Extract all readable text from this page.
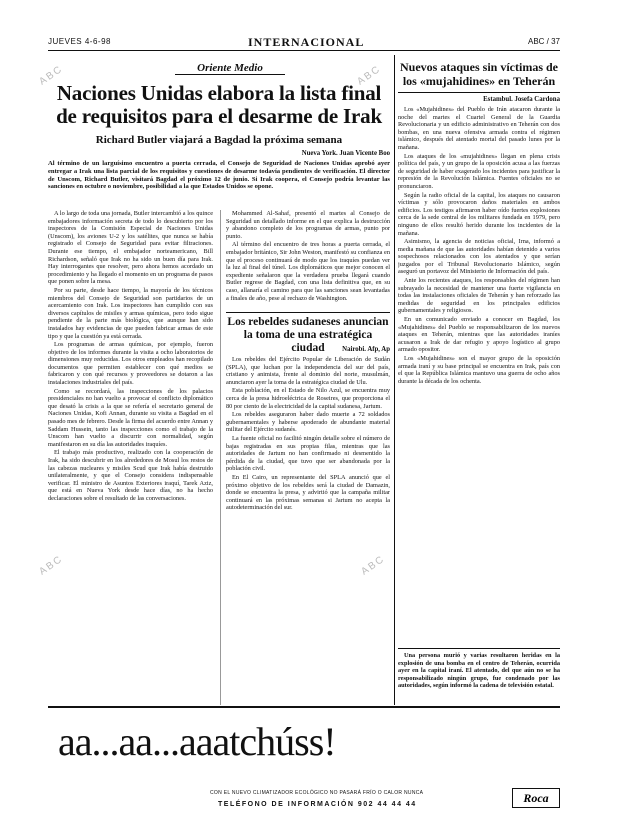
ABC	ABC
ABC	ABC
JUEVES 4-6-98	INTERNACIONAL	ABC / 37
Oriente Medio
Naciones Unidas elabora la lista final de requisitos para el desarme de Irak
Richard Butler viajará a Bagdad la próxima semana
Nueva York. Juan Vicente Boo
Al término de un larguísimo encuentro a puerta cerrada, el Consejo de Seguridad de Naciones Unidas aprobó ayer entregar a Irak una lista parcial de los requisitos y cuestiones de desarme todavía pendientes de verificación. El director de Unscom, Richard Butler, visitará Bagdad el próximo 12 de junio. Si Irak coopera, el Consejo podría levantar las sanciones en octubre o noviembre, posibilidad a la que Estados Unidos se opone.

A lo largo de toda una jornada, Butler intercambió a los quince embajadores información secreta de todo lo descubierto por los inspectores de la Comisión Especial de Naciones Unidas (Unscom), los aviones U-2 y los satélites, que nunca se había registrado el Consejo de Seguridad para evitar filtraciones. Durante ese tiempo, el embajador norteamericano, Bill Richardson, señaló que Irak no ha sido un buen día para Irak. Hay interrogantes que resolver, pero ahora hemos acordado un procedimiento y ha llegado el momento en un programa de pasos que ponen sobre la mesa.

Por su parte, desde hace tiempo, la mayoría de los técnicos miembros del Consejo de Seguridad son partidarios de un acercamiento con Irak. Los inspectores han cumplido con sus diversos capítulos de misiles y armas químicas, pero todo sigue pendiente de la parte más biológica, que aunque han sido instalados hay evidencias de que pueden fabricar armas de este tipo y que la cuestión ya está cerrada.

Los programas de armas químicas, por ejemplo, fueron objetivo de los informes durante la visita a ocho laboratorios de dimensiones muy reducidas. Los otros empleados han recopilado documentos que permiten establecer con qué medios se fabricaron y con qué recursos y proveedores se dotaron a las instalaciones industriales del país.

Como se recordará, las inspecciones de los palacios presidenciales no han vuelto a provocar el conflicto diplomático que desató la crisis a la que se refería el secretario general de Naciones Unidas, Kofi Annan, durante su visita a Bagdad en el pasado mes de febrero. Desde la firma del acuerdo entre Annan y Saddam Hussein, tanto las inspecciones como el trabajo de la Unscom han vuelto a discurrir con normalidad, según manifestaron en su día las autoridades iraquíes.

El trabajo más productivo, realizado con la cooperación de Irak, ha sido descubrir en los alrededores de Mosul los restos de las cabezas nucleares y misiles Scud que Irak había destruido unilateralmente, y que el Consejo considera indispensable verificar. El ministro de Asuntos Exteriores iraquí, Tarek Aziz, que está en Nueva York desde hace días, no ha hecho declaraciones sobre el resultado de las conversaciones.

Mohammed Al-Sahaf, presentó el martes al Consejo de Seguridad un detallado informe en el que explica la destrucción y abandono completo de los programas de armas, punto por punto.

Al término del encuentro de tres horas a puerta cerrada, el embajador británico, Sir John Weston, manifestó su confianza en que el proceso continuará de modo que los iraquíes puedan ver la luz al final del túnel. Los diplomáticos que mejor conocen el expediente señalaron que la verdadera prueba llegará cuando Butler regrese de Bagdad, con una lista definitiva que, en su caso, allanaría el camino para que las sanciones sean levantadas a finales de año, pese al rechazo de Washington.

Los rebeldes sudaneses anuncian la toma de una estratégica ciudad	Nairobi. Afp, Ap

Los rebeldes del Ejército Popular de Liberación de Sudán (SPLA), que luchan por la independencia del sur del país, cristiano y animista, frente al dominio del norte, musulmán, anunciaron ayer la toma de la estratégica ciudad de Ulu.

Esta población, en el Estado de Nilo Azul, se encuentra muy cerca de la presa hidroeléctrica de Roseires, que proporciona el 80 por ciento de la electricidad de la capital sudanesa, Jartum.

Los rebeldes aseguraron haber dado muerte a 72 soldados gubernamentales y haberse apoderado de abundante material militar del Ejército sudanés.

La fuente oficial no facilitó ningún detalle sobre el número de bajas registradas en sus propias filas, mientras que las autoridades de Jartum no han confirmado ni desmentido la pérdida de la ciudad, que tuvo que ser abandonada por la población civil.

En El Cairo, un representante del SPLA anunció que el próximo objetivo de los rebeldes será la ciudad de Damazin, donde se encuentra la presa, y advirtió que la campaña militar continuará en las próximas semanas si Jartum no acepta la autodeterminación del sur.

Nuevos ataques sin víctimas de los «mujahidines» en Teherán
Estambul. Josefa Cardona

Los «Mujahidines» del Pueblo de Irán atacaron durante la noche del martes el Cuartel General de la Guardia Revolucionaria y un edificio administrativo en Teherán con dos bombas, en una nueva ofensiva armada contra el régimen islámico, después del atentado mortal del pasado lunes por la mañana.

Los ataques de los «mujahidines» llegan en plena crisis política del país, y un grupo de la oposición acusa a las fuerzas de seguridad de haber exagerado los incidentes para justificar la represión de la Revolución Islámica. Fuentes oficiales no se pronunciaron.

Según la radio oficial de la capital, los ataques no causaron víctimas y sólo provocaron daños materiales en ambos edificios. Los testigos afirmaron haber oído fuertes explosiones cerca de la sede central de los militares fundada en 1979, pero ninguno de ellos resultó herido durante los incidentes de la mañana.

Asimismo, la agencia de noticias oficial, Irna, informó a media mañana de que las autoridades habían detenido a varios sospechosos relacionados con los atentados y que serían juzgados por el Tribunal Revolucionario Islámico, según aseguró un portavoz del Ministerio de Información del país.

Ante los recientes ataques, los responsables del régimen han subrayado la necesidad de mantener una fuerte vigilancia en todas las instalaciones oficiales de Teherán y han reforzado las medidas de seguridad en los principales edificios gubernamentales y religiosos.

En un comunicado enviado a conocer en Bagdad, los «Mujahidines» del Pueblo se responsabilizaron de los nuevos ataques en Teherán, mientras que las autoridades iraníes acusaron a Irak de dar refugio y apoyo logístico al grupo armado opositor.

Los «Mujahidines» son el mayor grupo de la oposición armada iraní y su base principal se encuentra en Irak, país con el que la República Islámica mantuvo una guerra de ocho años durante la década de los ochenta.

Una persona murió y varias resultaron heridas en la explosión de una bomba en el centro de Teherán, ocurrida ayer en la capital iraní. El atentado, del que aún no se ha responsabilizado ningún grupo, fue condenado por las autoridades, según informó la cadena de televisión estatal.

aa...aa...aaatchúss!
CON EL NUEVO CLIMATIZADOR ECOLÓGICO NO PASARÁ FRÍO O CALOR NUNCA
TELÉFONO DE INFORMACIÓN 902 44 44 44	Roca
